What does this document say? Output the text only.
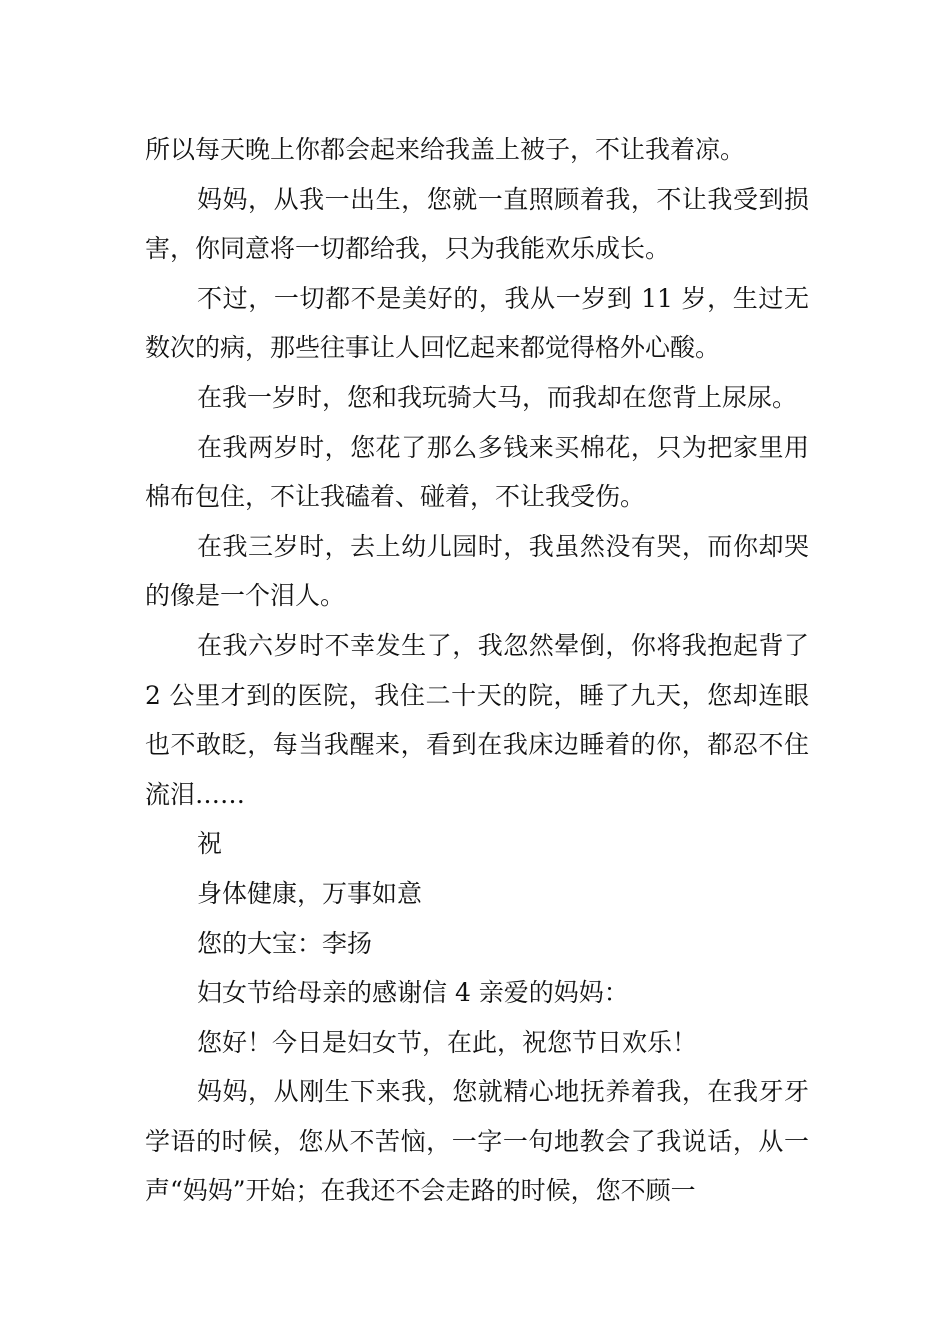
所以每天晚上你都会起来给我盖上被子，不让我着凉。

妈妈，从我一出生，您就一直照顾着我，不让我受到损害，你同意将一切都给我，只为我能欢乐成长。

不过，一切都不是美好的，我从一岁到 11 岁，生过无数次的病，那些往事让人回忆起来都觉得格外心酸。

在我一岁时，您和我玩骑大马，而我却在您背上尿尿。

在我两岁时，您花了那么多钱来买棉花，只为把家里用棉布包住，不让我磕着、碰着，不让我受伤。

在我三岁时，去上幼儿园时，我虽然没有哭，而你却哭的像是一个泪人。

在我六岁时不幸发生了，我忽然晕倒，你将我抱起背了 2 公里才到的医院，我住二十天的院，睡了九天，您却连眼也不敢眨，每当我醒来，看到在我床边睡着的你，都忍不住流泪……

祝

身体健康，万事如意

您的大宝：李扬

妇女节给母亲的感谢信 4 亲爱的妈妈：

您好！今日是妇女节，在此，祝您节日欢乐！

妈妈，从刚生下来我，您就精心地抚养着我，在我牙牙学语的时候，您从不苦恼，一字一句地教会了我说话，从一声“妈妈”开始；在我还不会走路的时候，您不顾一
